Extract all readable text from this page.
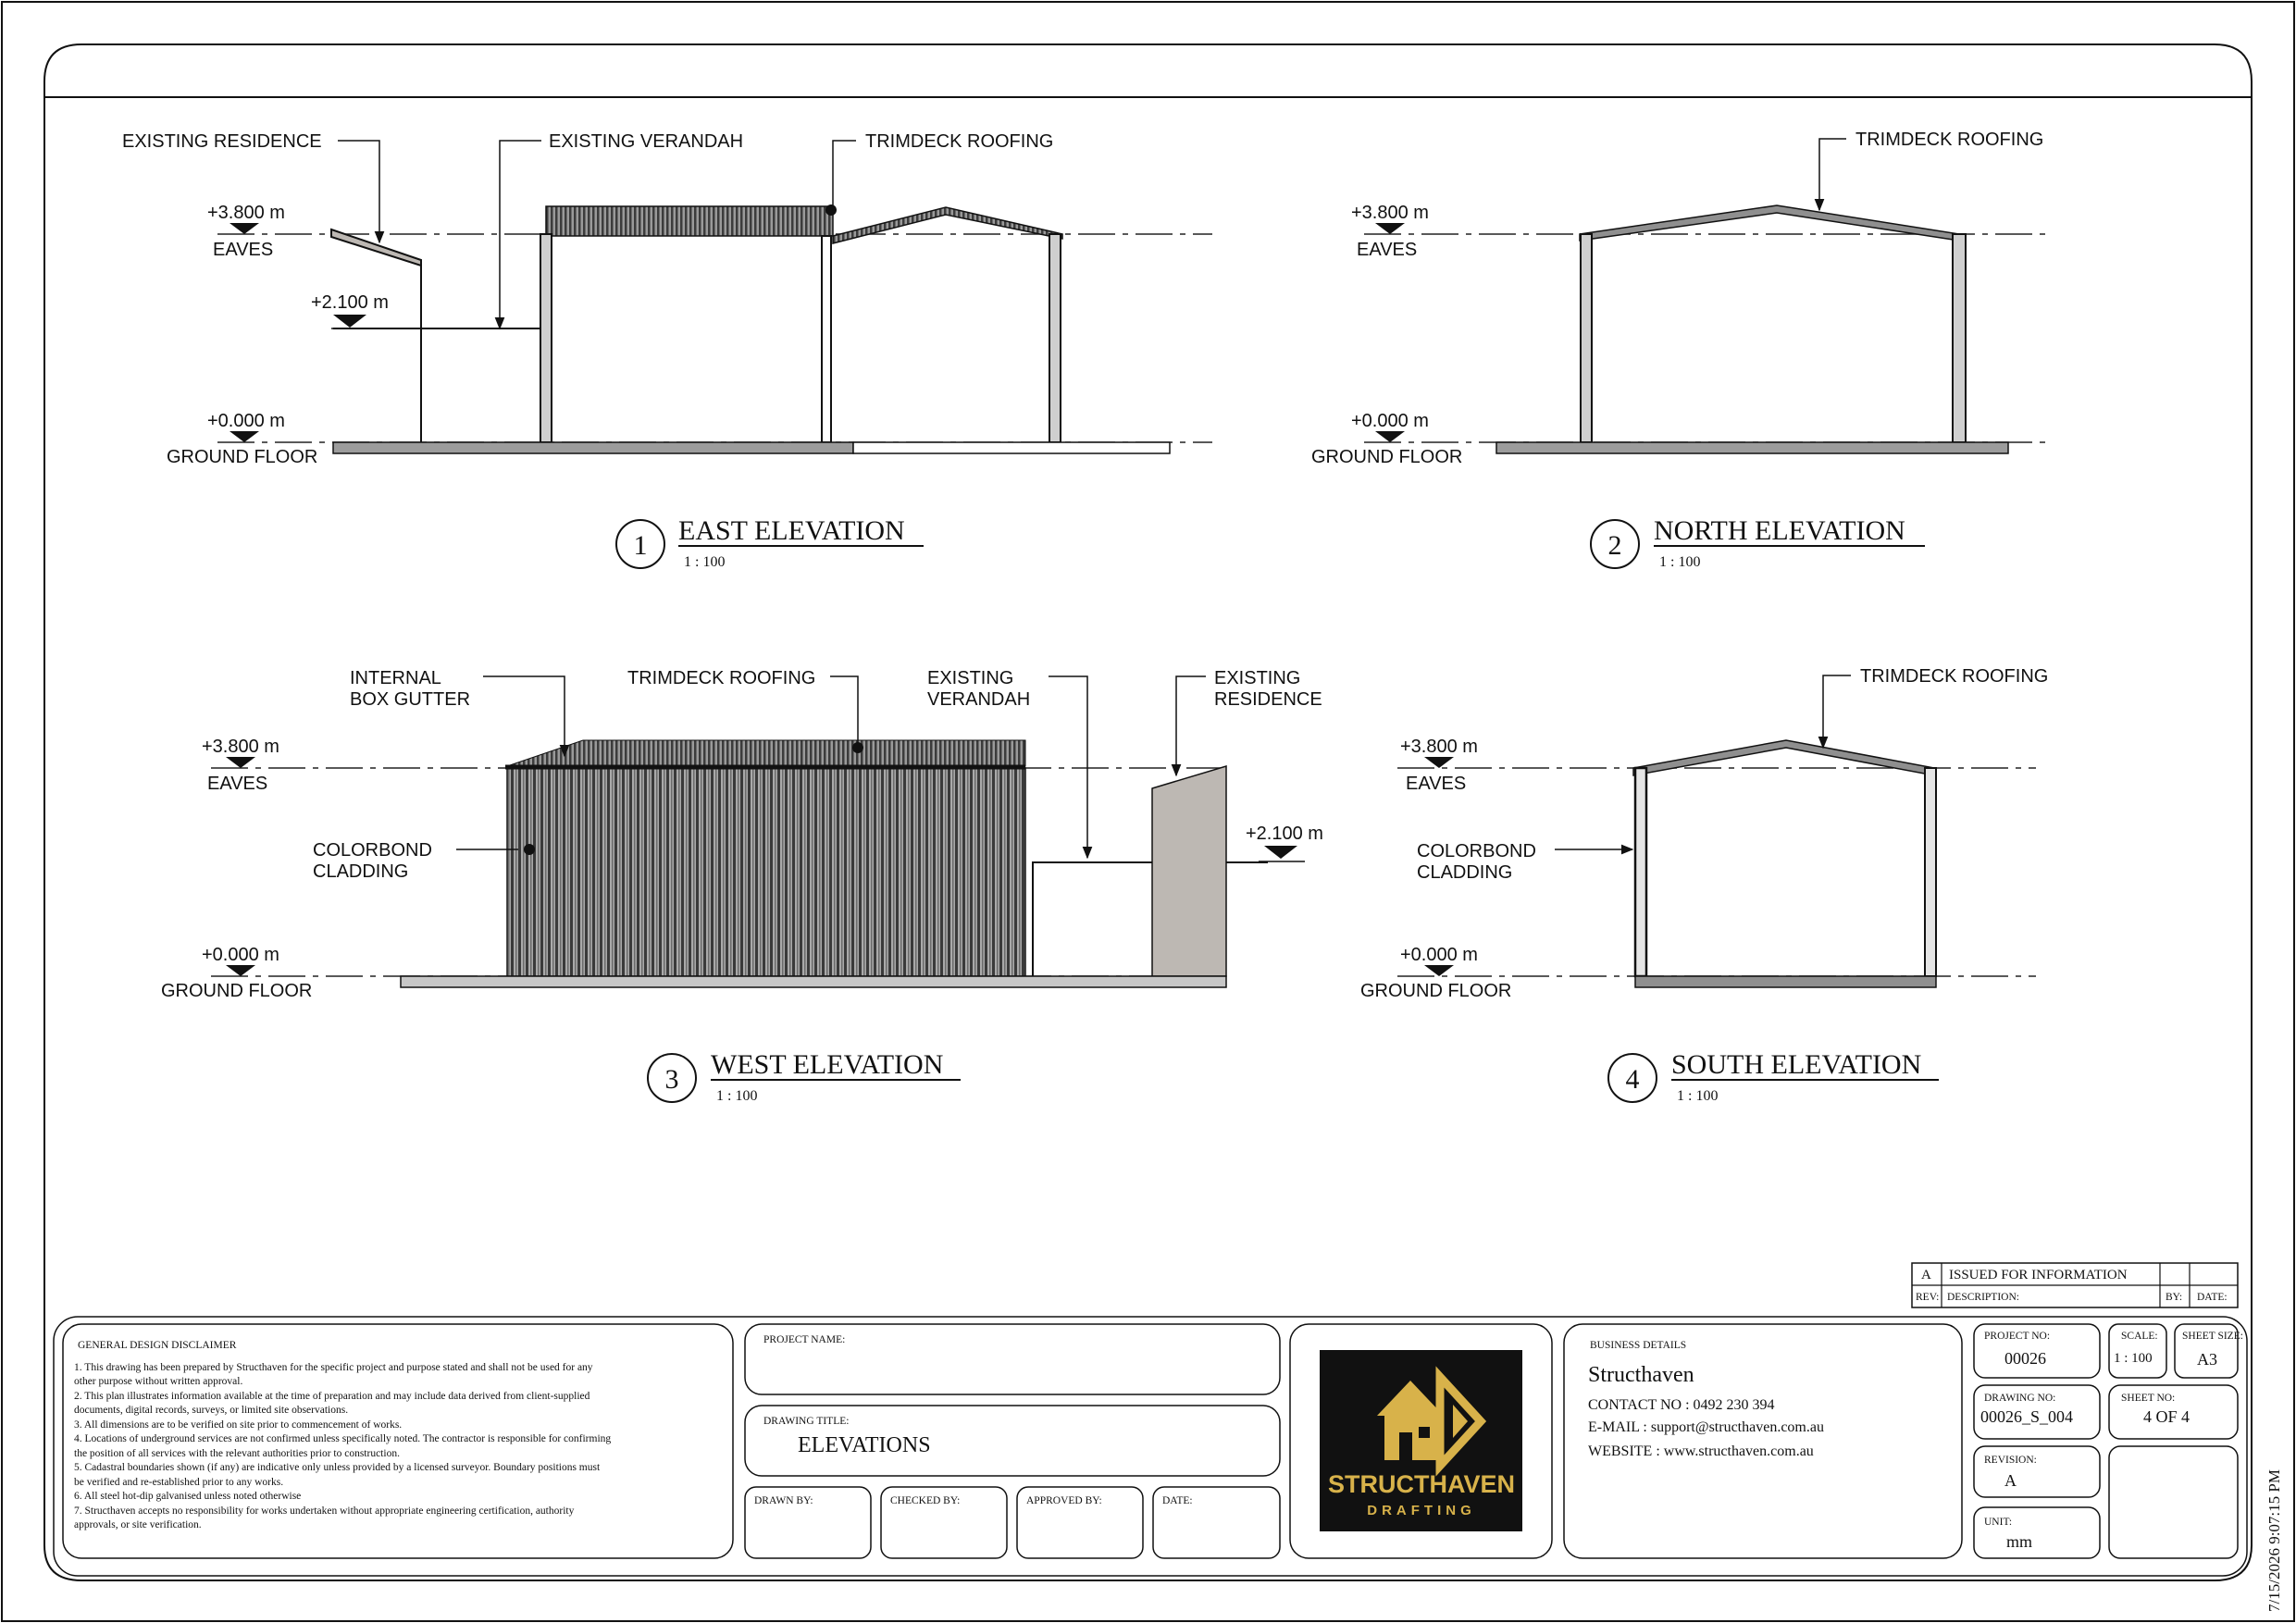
EXISTING RESIDENCE	EXISTING VERANDAH	TRIMDECK ROOFING
+3.800 m
EAVES
+2.100 m
+0.000 m
GROUND FLOOR
1 EAST ELEVATION
1 : 100
TRIMDECK ROOFING
+3.800 m
EAVES
+0.000 m
GROUND FLOOR
2 NORTH ELEVATION
1 : 100
INTERNAL
BOX GUTTER
TRIMDECK ROOFING	EXISTING
VERANDAH
EXISTING
RESIDENCE
COLORBOND
CLADDING
+3.800 m
EAVES
+2.100 m
+0.000 m
GROUND FLOOR
3 WEST ELEVATION
1 : 100
TRIMDECK ROOFING
COLORBOND
CLADDING
+3.800 m
EAVES
+0.000 m
GROUND FLOOR
4 SOUTH ELEVATION
1 : 100
A ISSUED FOR INFORMATION
REV: DESCRIPTION:	BY: DATE:
GENERAL DESIGN DISCLAIMER
1. This drawing has been prepared by Structhaven for the specific project and purpose stated and shall not be used for any
other purpose without written approval.
2. This plan illustrates information available at the time of preparation and may include data derived from client-supplied
documents, digital records, surveys, or limited site observations.
3. All dimensions are to be verified on site prior to commencement of works.
4. Locations of underground services are not confirmed unless specifically noted. The contractor is responsible for confirming
the position of all services with the relevant authorities prior to construction.
5. Cadastral boundaries shown (if any) are indicative only unless provided by a licensed surveyor. Boundary positions must
be verified and re-established prior to any works.
6. All steel hot-dip galvanised unless noted otherwise
7. Structhaven accepts no responsibility for works undertaken without appropriate engineering certification, authority
approvals, or site verification.
PROJECT NAME:
DRAWING TITLE:
ELEVATIONS
DRAWN BY:	CHECKED BY:	APPROVED BY:	DATE:
STRUCTHAVEN
DRAFTING
BUSINESS DETAILS
Structhaven
CONTACT NO : 0492 230 394
E-MAIL : support@structhaven.com.au
WEBSITE : www.structhaven.com.au
PROJECT NO:
00026
SCALE:
1 : 100
SHEET SIZE:
A3
DRAWING NO:
00026_S_004
SHEET NO:
4 OF 4
REVISION:
A
UNIT:
mm	7/15/2026 9:07:15 PM
